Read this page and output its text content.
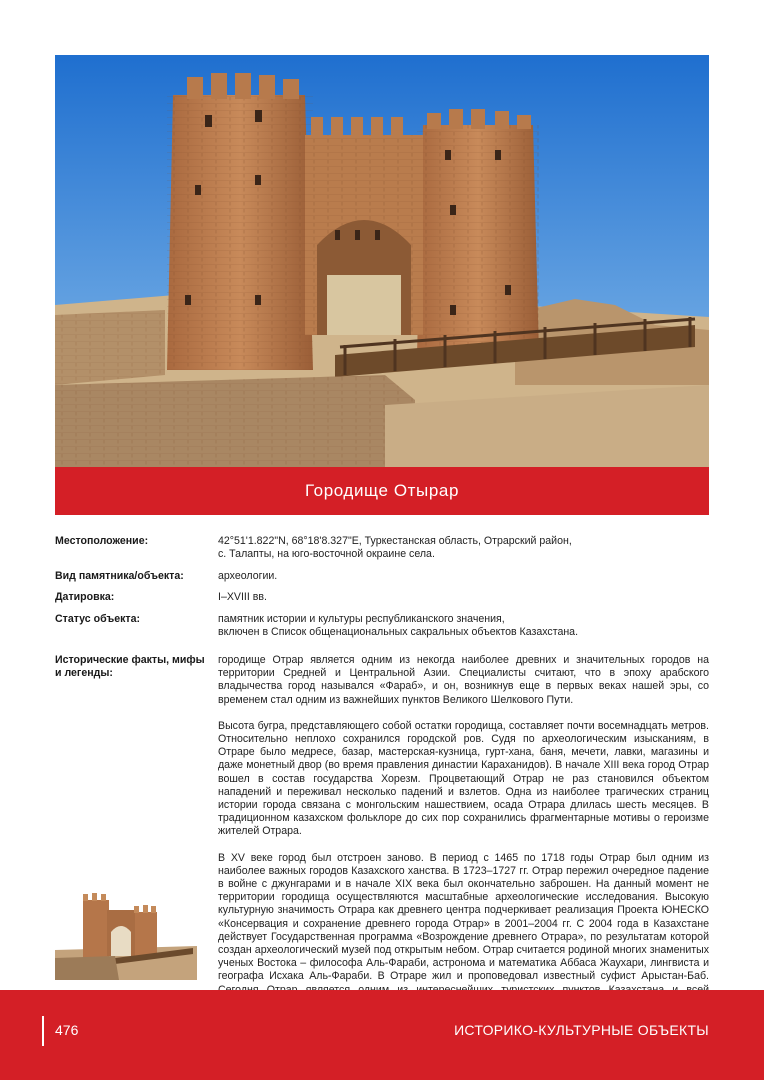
Городище Отырар
Местоположение:	42°51'1.822"N, 68°18'8.327"E, Туркестанская область, Отрарский район,
с. Талапты, на юго-восточной окраине села.
Вид памятника/объекта:	археологии.
Датировка:	I–XVIII вв.
Статус объекта:	памятник истории и культуры республиканского значения,
включен в Список общенациональных сакральных объектов Казахстана.
Исторические факты, мифы и легенды:

городище Отрар является одним из некогда наиболее древних и значительных городов на территории Средней и Центральной Азии. Специалисты считают, что в эпоху арабского владычества город назывался «Фараб», и он, возникнув еще в первых веках нашей эры, со временем стал одним из важнейших пунктов Великого Шелкового Пути.

Высота бугра, представляющего собой остатки городища, составляет почти восемнадцать метров. Относительно неплохо сохранился городской ров. Судя по археологическим изысканиям, в Отраре было медресе, базар, мастерская-кузница, гурт-хана, баня, мечети, лавки, магазины и даже монетный двор (во время правления династии Караханидов). В начале XIII века город Отрар вошел в состав государства Хорезм. Процветающий Отрар не раз становился объектом нападений и переживал несколько падений и взлетов. Одна из наиболее трагических страниц истории города связана с монгольским нашествием, осада Отрара длилась шесть месяцев. В традиционном казахском фольклоре до сих пор сохранились фрагментарные мотивы о героизме жителей Отрара.

В XV веке город был отстроен заново. В период с 1465 по 1718 годы Отрар был одним из наиболее важных городов Казахского ханства. В 1723–1727 гг. Отрар пережил очередное падение в войне с джунгарами и в начале XIX века был окончательно заброшен. На данный момент не территории городища осуществляются масштабные археологические исследования. Высокую культурную значимость Отрара как древнего центра подчеркивает реализация Проекта ЮНЕСКО «Консервация и сохранение древнего города Отрар» в 2001–2004 гг. С 2004 года в Казахстане действует Государственная программа «Возрождение древнего Отрара», по результатам которой создан археологический музей под открытым небом. Отрар считается родиной многих знаменитых ученых Востока – философа Аль-Фараби, астронома и математика Аббаса Жаухари, лингвиста и географа Исхака Аль-Фараби. В Отраре жил и проповедовал известный суфист Арыстан-Баб.

476	ИСТОРИКО-КУЛЬТУРНЫЕ ОБЪЕКТЫ
